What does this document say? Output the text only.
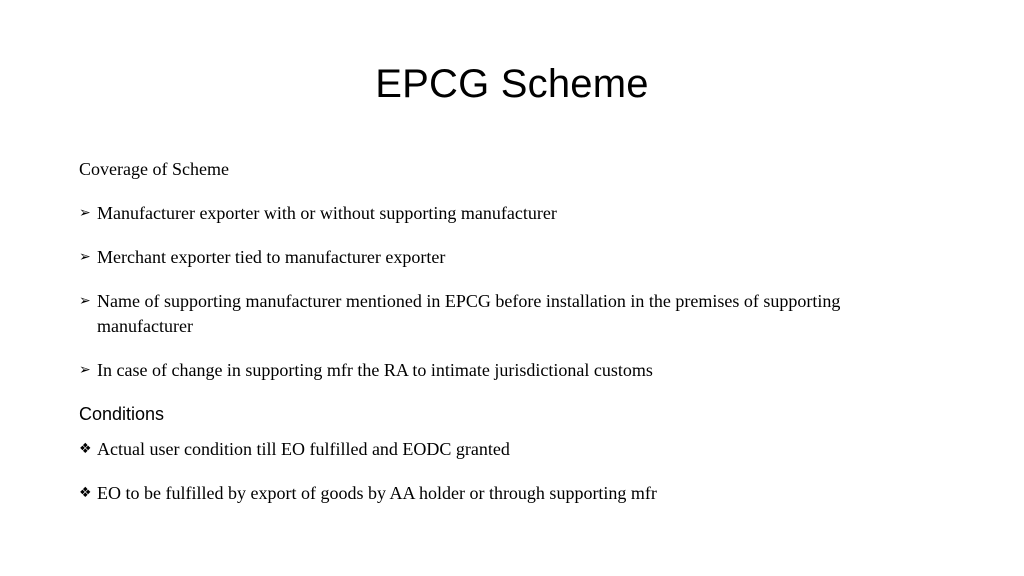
EPCG Scheme
Coverage of Scheme
➢ Manufacturer exporter with or without supporting manufacturer
➢ Merchant exporter tied to manufacturer exporter
➢ Name of supporting manufacturer mentioned in EPCG before installation in the premises of supporting manufacturer
➢ In case of change in supporting mfr the RA to intimate jurisdictional customs
Conditions
❖ Actual user condition till EO fulfilled and EODC granted
❖ EO to be fulfilled by export of goods by AA holder or through supporting mfr
